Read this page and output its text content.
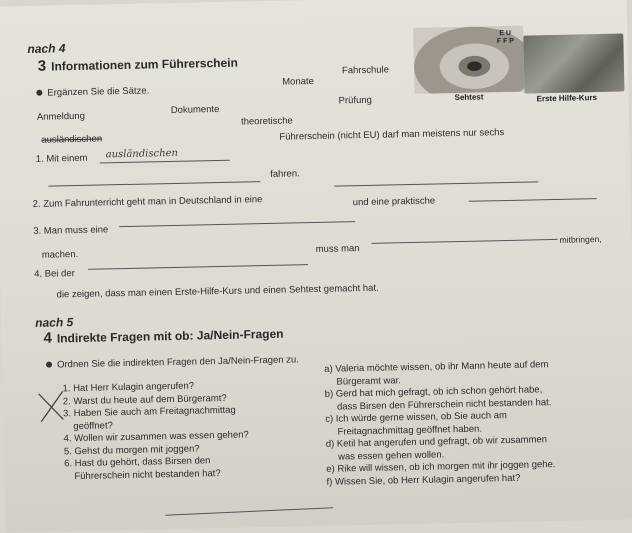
nach 4
3 Informationen zum Führerschein
E U
F F P
Sehtest	Erste Hilfe-Kurs
Ergänzen Sie die Sätze.
Monate
Fahrschule
Anmeldung
Dokumente
Prüfung
theoretische
ausländischen
1. Mit einem ausländischen
Führerschein (nicht EU) darf man meistens nur sechs
fahren.
2. Zum Fahrunterricht geht man in Deutschland in eine
3. Man muss eine
und eine praktische
machen.
4. Bei der
muss man
mitbringen,
die zeigen, dass man einen Erste-Hilfe-Kurs und einen Sehtest gemacht hat.
nach 5
4 Indirekte Fragen mit ob: Ja/Nein-Fragen
Ordnen Sie die indirekten Fragen den Ja/Nein-Fragen zu.
1. Hat Herr Kulagin angerufen?
2. Warst du heute auf dem Bürgeramt?
3. Haben Sie auch am Freitagnachmittag
geöffnet?
4. Wollen wir zusammen was essen gehen?
5. Gehst du morgen mit joggen?
6. Hast du gehört, dass Birsen den
Führerschein nicht bestanden hat?
a) Valeria möchte wissen, ob ihr Mann heute auf dem
Bürgeramt war.
b) Gerd hat mich gefragt, ob ich schon gehört habe,
dass Birsen den Führerschein nicht bestanden hat.
c) Ich würde gerne wissen, ob Sie auch am
Freitagnachmittag geöffnet haben.
d) Ketil hat angerufen und gefragt, ob wir zusammen
was essen gehen wollen.
e) Rike will wissen, ob ich morgen mit ihr joggen gehe.
f) Wissen Sie, ob Herr Kulagin angerufen hat?
